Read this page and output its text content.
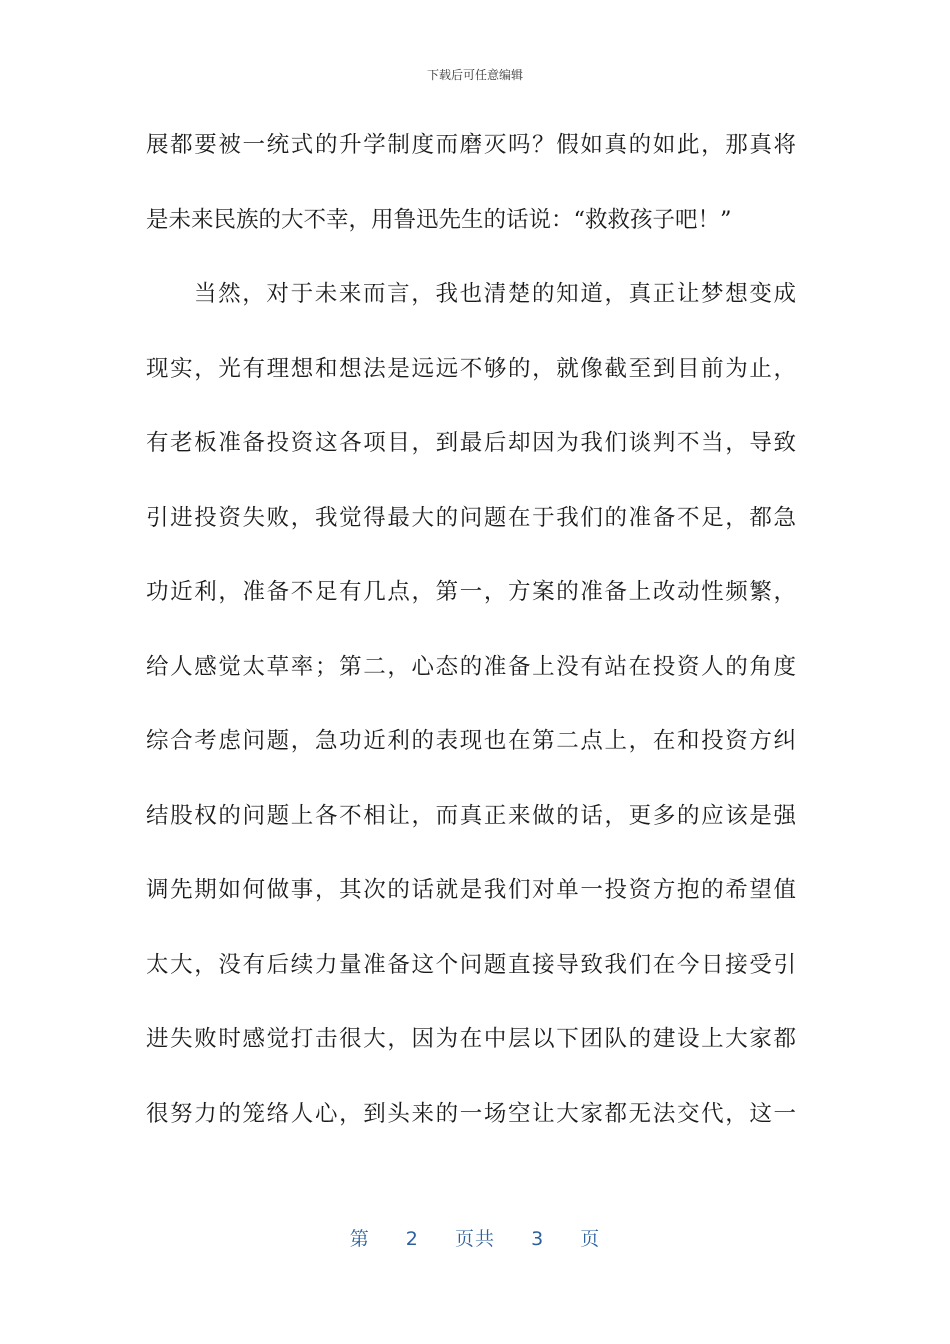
下载后可任意编辑
展都要被一统式的升学制度而磨灭吗？假如真的如此，那真将
是未来民族的大不幸，用鲁迅先生的话说：“救救孩子吧！”
当然，对于未来而言，我也清楚的知道，真正让梦想变成
现实，光有理想和想法是远远不够的，就像截至到目前为止，
有老板准备投资这各项目，到最后却因为我们谈判不当，导致
引进投资失败，我觉得最大的问题在于我们的准备不足，都急
功近利，准备不足有几点，第一，方案的准备上改动性频繁，
给人感觉太草率；第二，心态的准备上没有站在投资人的角度
综合考虑问题，急功近利的表现也在第二点上，在和投资方纠
结股权的问题上各不相让，而真正来做的话，更多的应该是强
调先期如何做事，其次的话就是我们对单一投资方抱的希望值
太大，没有后续力量准备这个问题直接导致我们在今日接受引
进失败时感觉打击很大，因为在中层以下团队的建设上大家都
很努力的笼络人心，到头来的一场空让大家都无法交代，这一
第 2 页共 3 页
